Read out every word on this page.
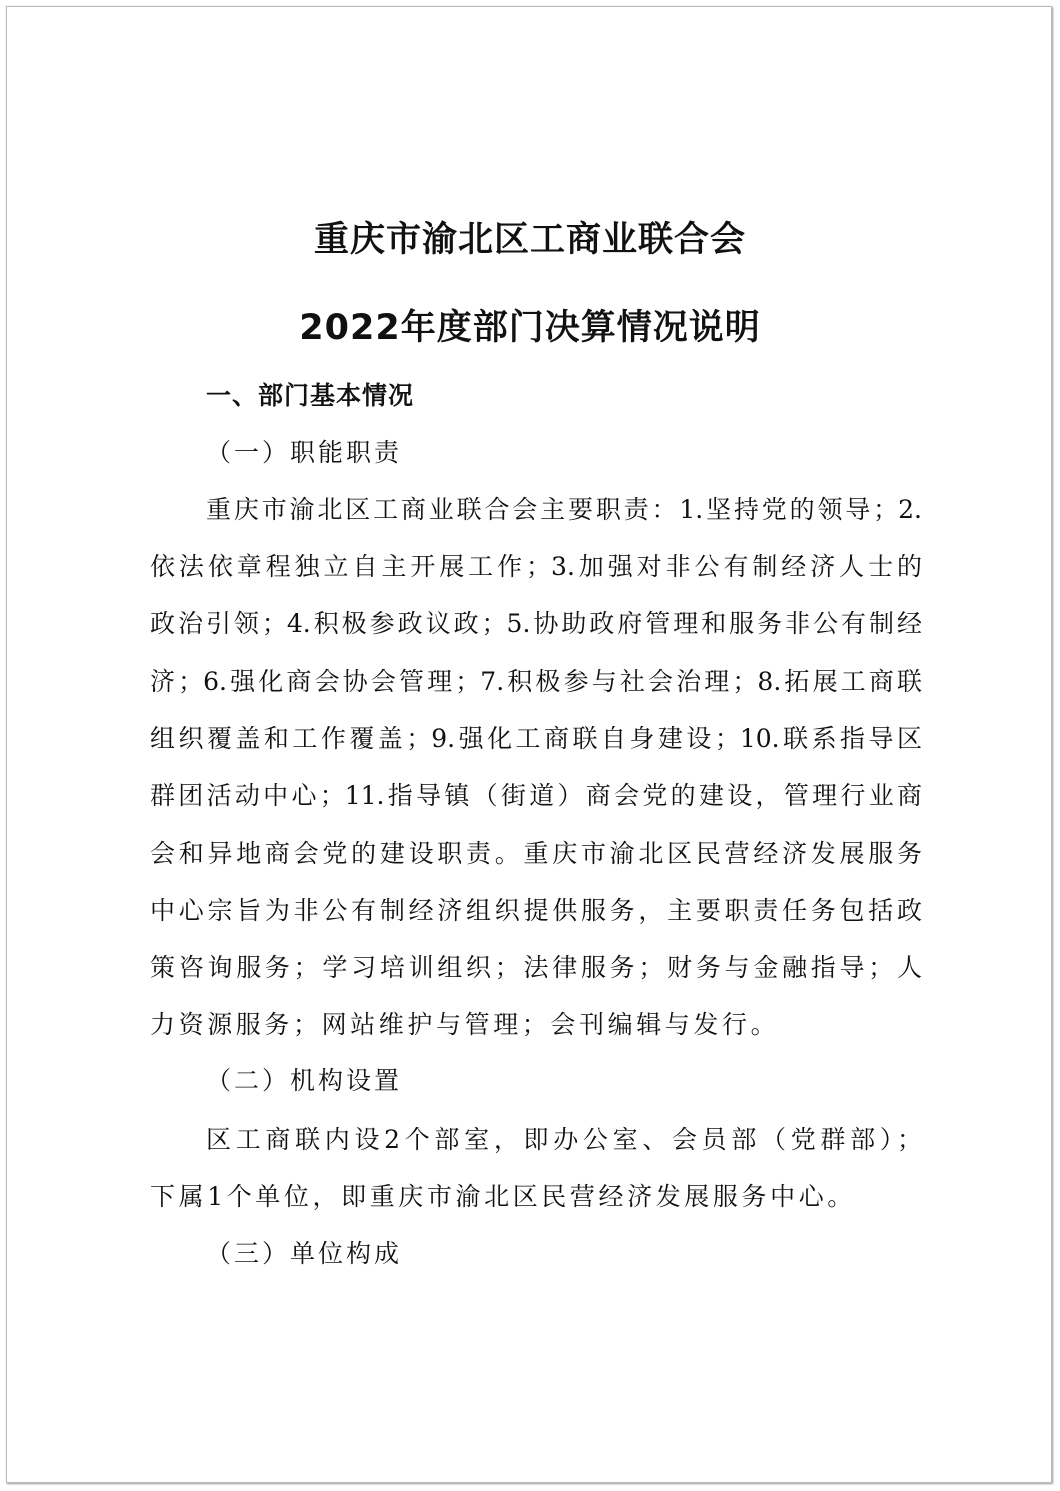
重庆市渝北区工商业联合会
2022年度部门决算情况说明
一、部门基本情况
（一）职能职责
重庆市渝北区工商业联合会主要职责：1.坚持党的领导；2.
依法依章程独立自主开展工作；3.加强对非公有制经济人士的
政治引领；4.积极参政议政；5.协助政府管理和服务非公有制经
济；6.强化商会协会管理；7.积极参与社会治理；8.拓展工商联
组织覆盖和工作覆盖；9.强化工商联自身建设；10.联系指导区
群团活动中心；11.指导镇（街道）商会党的建设，管理行业商
会和异地商会党的建设职责。重庆市渝北区民营经济发展服务
中心宗旨为非公有制经济组织提供服务，主要职责任务包括政
策咨询服务；学习培训组织；法律服务；财务与金融指导；人
力资源服务；网站维护与管理；会刊编辑与发行。
（二）机构设置
区工商联内设2个部室，即办公室、会员部（党群部）；
下属1个单位，即重庆市渝北区民营经济发展服务中心。
（三）单位构成
